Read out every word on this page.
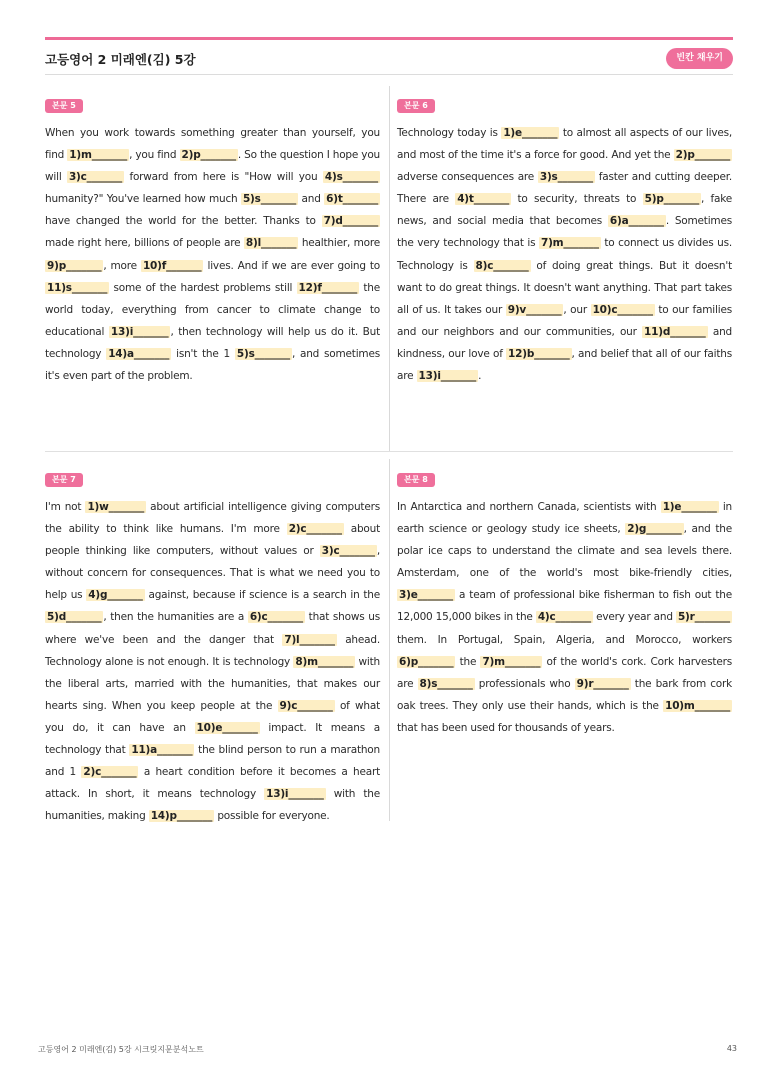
고등영어 2 미래엔(김) 5강	빈칸 채우기
본문 5
When you work towards something greater than yourself, you find 1)m_______ , you find 2)p_______ . So the question I hope you will 3)c_______ forward from here is "How will you 4)s_______ humanity?" You've learned how much 5)s_______ and 6)t_______ have changed the world for the better. Thanks to 7)d_______ made right here, billions of people are 8)l_______ healthier, more 9)p_______ , more 10)f_______ lives. And if we are ever going to 11)s_______ some of the hardest problems still 12)f_______ the world today, everything from cancer to climate change to educational 13)i_______ , then technology will help us do it. But technology 14)a_______ isn't the 1 5)s_______ , and sometimes it's even part of the problem.
본문 6
Technology today is 1)e_______ to almost all aspects of our lives, and most of the time it's a force for good. And yet the 2)p_______ adverse consequences are 3)s_______ faster and cutting deeper. There are 4)t_______ to security, threats to 5)p_______ , fake news, and social media that becomes 6)a_______ . Sometimes the very technology that is 7)m_______ to connect us divides us. Technology is 8)c_______ of doing great things. But it doesn't want to do great things. It doesn't want anything. That part takes all of us. It takes our 9)v_______ , our 10)c_______ to our families and our neighbors and our communities, our 11)d_______ and kindness, our love of 12)b_______ , and belief that all of our faiths are 13)i_______ .
본문 7
I'm not 1)w_______ about artificial intelligence giving computers the ability to think like humans. I'm more 2)c_______ about people thinking like computers, without values or 3)c_______ , without concern for consequences. That is what we need you to help us 4)g_______ against, because if science is a search in the 5)d_______ , then the humanities are a 6)c_______ that shows us where we've been and the danger that 7)l_______ ahead. Technology alone is not enough. It is technology 8)m_______ with the liberal arts, married with the humanities, that makes our hearts sing. When you keep people at the 9)c_______ of what you do, it can have an 10)e_______ impact. It means a technology that 11)a_______ the blind person to run a marathon and 1 2)c_______ a heart condition before it becomes a heart attack. In short, it means technology 13)i_______ with the humanities, making 14)p_______ possible for everyone.
본문 8
In Antarctica and northern Canada, scientists with 1)e_______ in earth science or geology study ice sheets, 2)g_______ , and the polar ice caps to understand the climate and sea levels there. Amsterdam, one of the world's most bike-friendly cities, 3)e_______ a team of professional bike fisherman to fish out the 12,000 15,000 bikes in the 4)c_______ every year and 5)r_______ them. In Portugal, Spain, Algeria, and Morocco, workers 6)p_______ the 7)m_______ of the world's cork. Cork harvesters are 8)s_______ professionals who 9)r_______ the bark from cork oak trees. They only use their hands, which is the 10)m_______ that has been used for thousands of years.
고등영어 2 미래엔(김) 5강 시크릿지문분석노트	43
